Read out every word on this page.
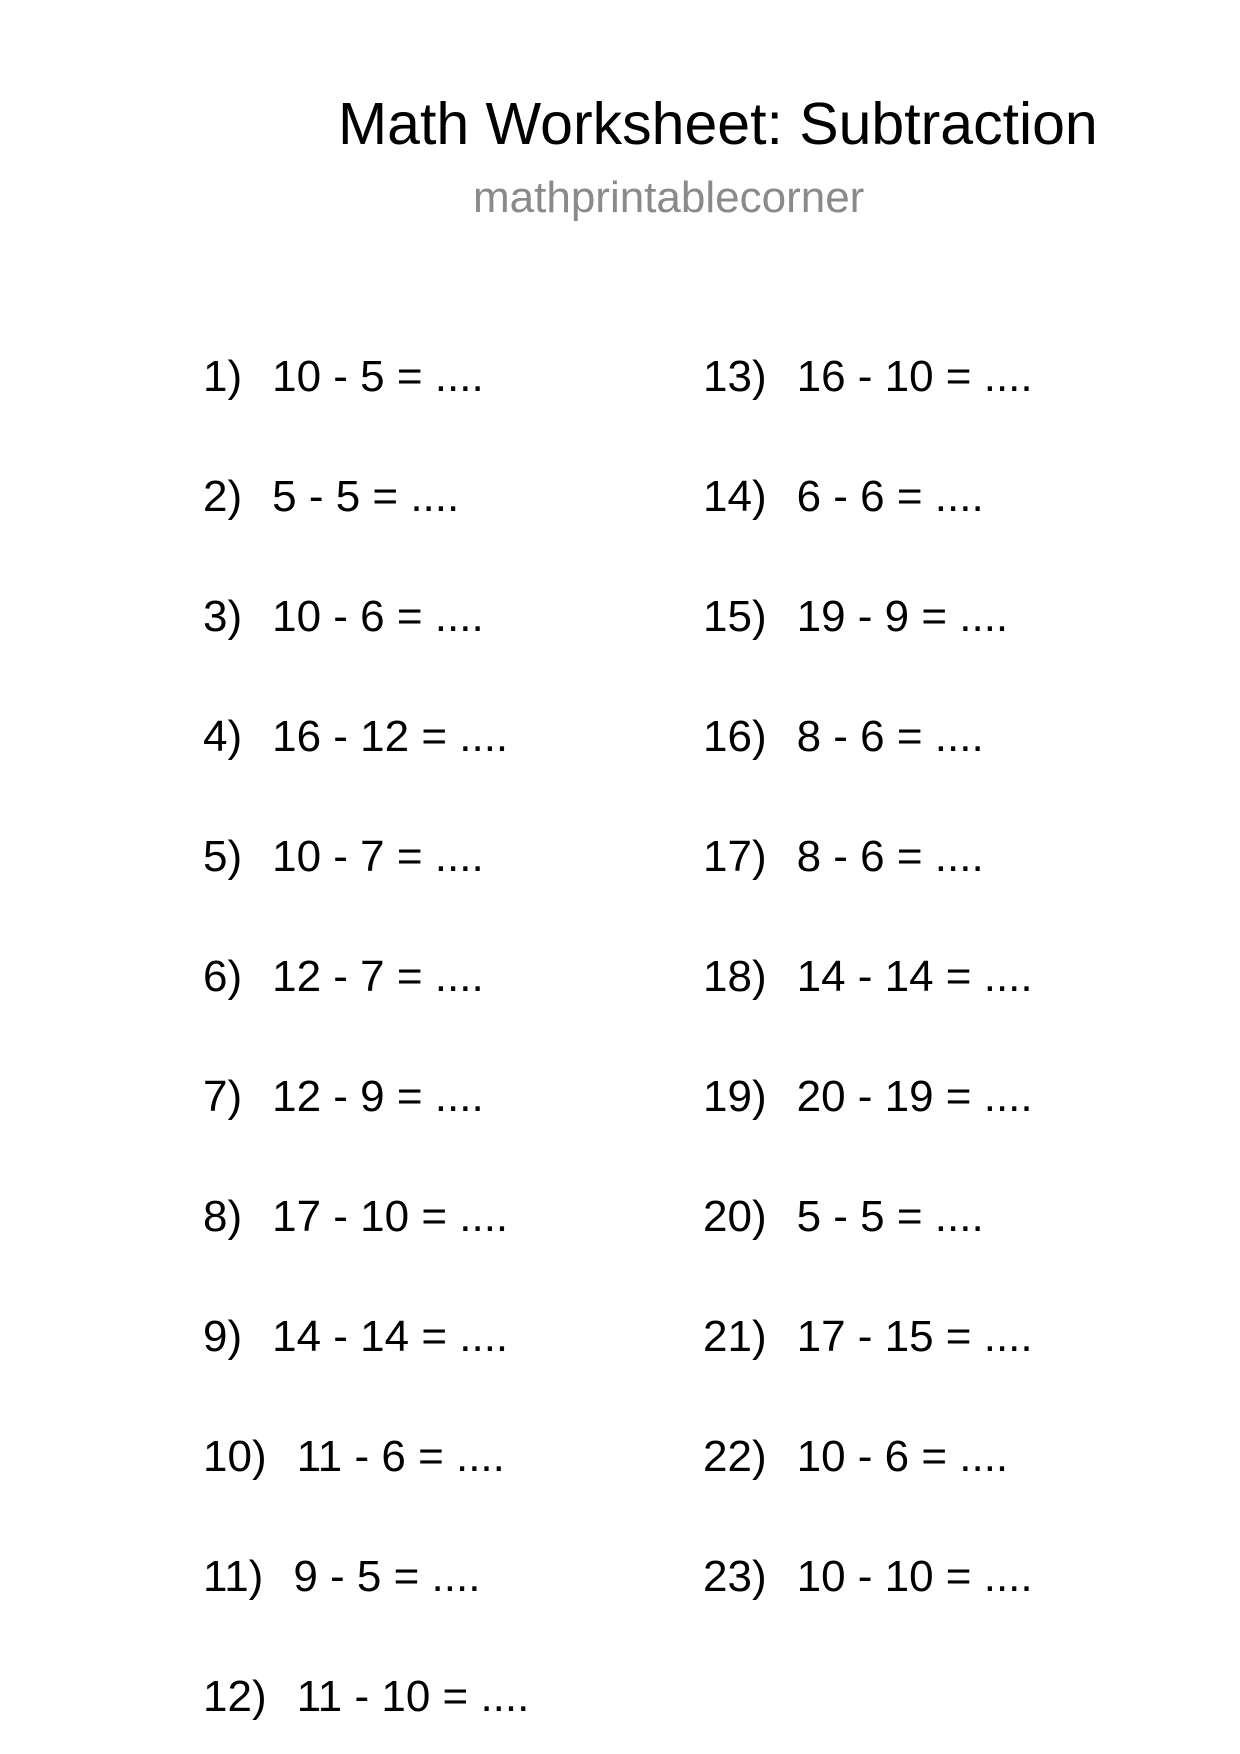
Math Worksheet: Subtraction
mathprintablecorner
1) 10 - 5 = ....
2) 5 - 5 = ....
3) 10 - 6 = ....
4) 16 - 12 = ....
5) 10 - 7 = ....
6) 12 - 7 = ....
7) 12 - 9 = ....
8) 17 - 10 = ....
9) 14 - 14 = ....
10) 11 - 6 = ....
11) 9 - 5 = ....
12) 11 - 10 = ....
13) 16 - 10 = ....
14) 6 - 6 = ....
15) 19 - 9 = ....
16) 8 - 6 = ....
17) 8 - 6 = ....
18) 14 - 14 = ....
19) 20 - 19 = ....
20) 5 - 5 = ....
21) 17 - 15 = ....
22) 10 - 6 = ....
23) 10 - 10 = ....
